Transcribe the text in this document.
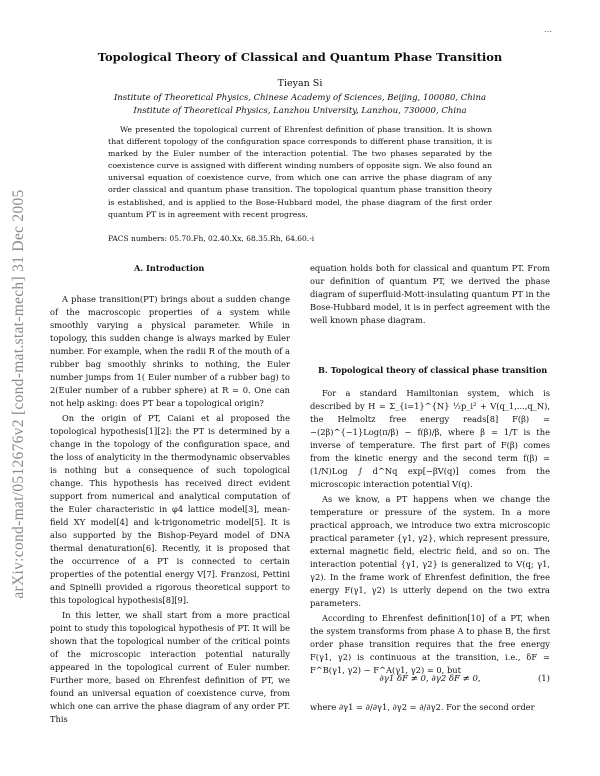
...
arXiv:cond-mat/0512676v2 [cond-mat.stat-mech] 31 Dec 2005
Topological Theory of Classical and Quantum Phase Transition
Tieyan Si
Institute of Theoretical Physics, Chinese Academy of Sciences, Beijing, 100080, China
Institute of Theoretical Physics, Lanzhou University, Lanzhou, 730000, China

We presented the topological current of Ehrenfest definition of phase transition. It is shown that different topology of the configuration space corresponds to different phase transition, it is marked by the Euler number of the interaction potential. The two phases separated by the coexistence curve is assigned with different winding numbers of opposite sign. We also found an universal equation of coexistence curve, from which one can arrive the phase diagram of any order classical and quantum phase transition. The topological quantum phase transition theory is established, and is applied to the Bose-Hubbard model, the phase diagram of the first order quantum PT is in agreement with recent progress.

PACS numbers: 05.70.Fh, 02.40.Xx, 68.35.Rh, 64.60.-i
A. Introduction

A phase transition(PT) brings about a sudden change of the macroscopic properties of a system while smoothly varying a physical parameter. While in topology, this sudden change is always marked by Euler number. For example, when the radii R of the mouth of a rubber bag smoothly shrinks to nothing, the Euler number jumps from 1( Euler number of a rubber bag) to 2(Euler number of a rubber sphere) at R = 0. One can not help asking: does PT bear a topological origin?

On the origin of PT, Caiani et al proposed the topological hypothesis[1][2]: the PT is determined by a change in the topology of the configuration space, and the loss of analyticity in the thermodynamic observables is nothing but a consequence of such topological change. This hypothesis has received direct evident support from numerical and analytical computation of the Euler characteristic in φ4 lattice model[3], mean-field XY model[4] and k-trigonometric model[5]. It is also supported by the Bishop-Peyard model of DNA thermal denaturation[6]. Recently, it is proposed that the occurrence of a PT is connected to certain properties of the potential energy V[7]. Franzosi, Pettini and Spinelli provided a rigorous theoretical support to this topological hypothesis[8][9].

In this letter, we shall start from a more practical point to study this topological hypothesis of PT. It will be shown that the topological number of the critical points of the microscopic interaction potential naturally appeared in the topological current of Euler number. Further more, based on Ehrenfest definition of PT, we found an universal equation of coexistence curve, from which one can arrive the phase diagram of any order PT. This

equation holds both for classical and quantum PT. From our definition of quantum PT, we derived the phase diagram of superfluid-Mott-insulating quantum PT in the Bose-Hubbard model, it is in perfect agreement with the well known phase diagram.

B. Topological theory of classical phase transition

For a standard Hamiltonian system, which is described by H = Σ_{i=1}^{N} ½p_i² + V(q_1,...,q_N), the Helmoltz free energy reads[8] F(β) = −(2β)^{−1}Log(π/β) − f(β)/β, where β = 1/T is the inverse of temperature. The first part of F(β) comes from the kinetic energy and the second term f(β) = (1/N)Log ∫ d^Nq exp[−βV(q)] comes from the microscopic interaction potential V(q).

As we know, a PT happens when we change the temperature or pressure of the system. In a more practical approach, we introduce two extra microscopic practical parameter {γ1, γ2}, which represent pressure, external magnetic field, electric field, and so on. The interaction potential {γ1, γ2} is generalized to V(q; γ1, γ2). In the frame work of Ehrenfest definition, the free energy F(γ1, γ2) is utterly depend on the two extra parameters.

According to Ehrenfest definition[10] of a PT, when the system transforms from phase A to phase B, the first order phase transition requires that the free energy F(γ1, γ2) is continuous at the transition, i.e., δF = F^B(γ1, γ2) − F^A(γ1, γ2) = 0, but

∂γ1 δF ≠ 0, ∂γ2 δF ≠ 0,	(1)
where ∂γ1 = ∂/∂γ1, ∂γ2 = ∂/∂γ2. For the second order
